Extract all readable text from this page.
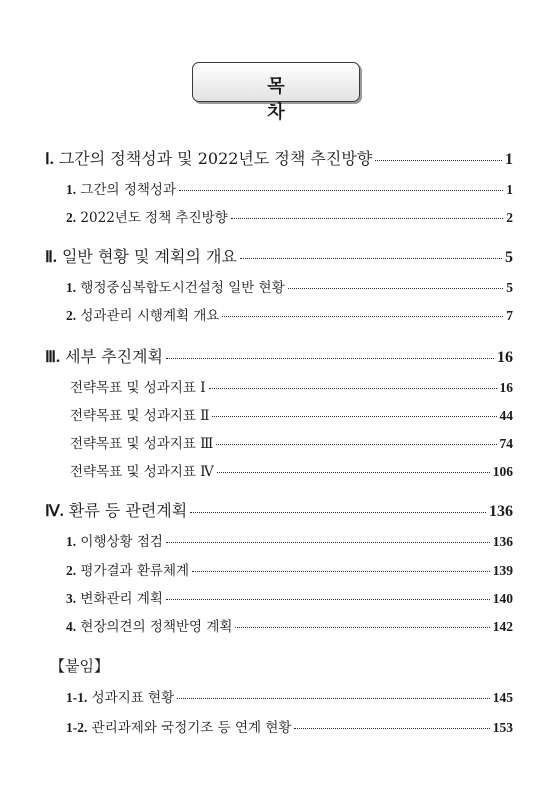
목 차
Ⅰ. 그간의 정책성과 및 2022년도 정책 추진방향	1
1. 그간의 정책성과	1
2. 2022년도 정책 추진방향	2
Ⅱ. 일반 현황 및 계획의 개요	5
1. 행정중심복합도시건설청 일반 현황	5
2. 성과관리 시행계획 개요	7
Ⅲ. 세부 추진계획	16
전략목표 및 성과지표 Ⅰ	16
전략목표 및 성과지표 Ⅱ	44
전략목표 및 성과지표 Ⅲ	74
전략목표 및 성과지표 Ⅳ	106
Ⅳ. 환류 등 관련계획	136
1. 이행상황 점검	136
2. 평가결과 환류체계	139
3. 변화관리 계획	140
4. 현장의견의 정책반영 계획	142
【붙임】
1-1. 성과지표 현황	145
1-2. 관리과제와 국정기조 등 연계 현황	153
